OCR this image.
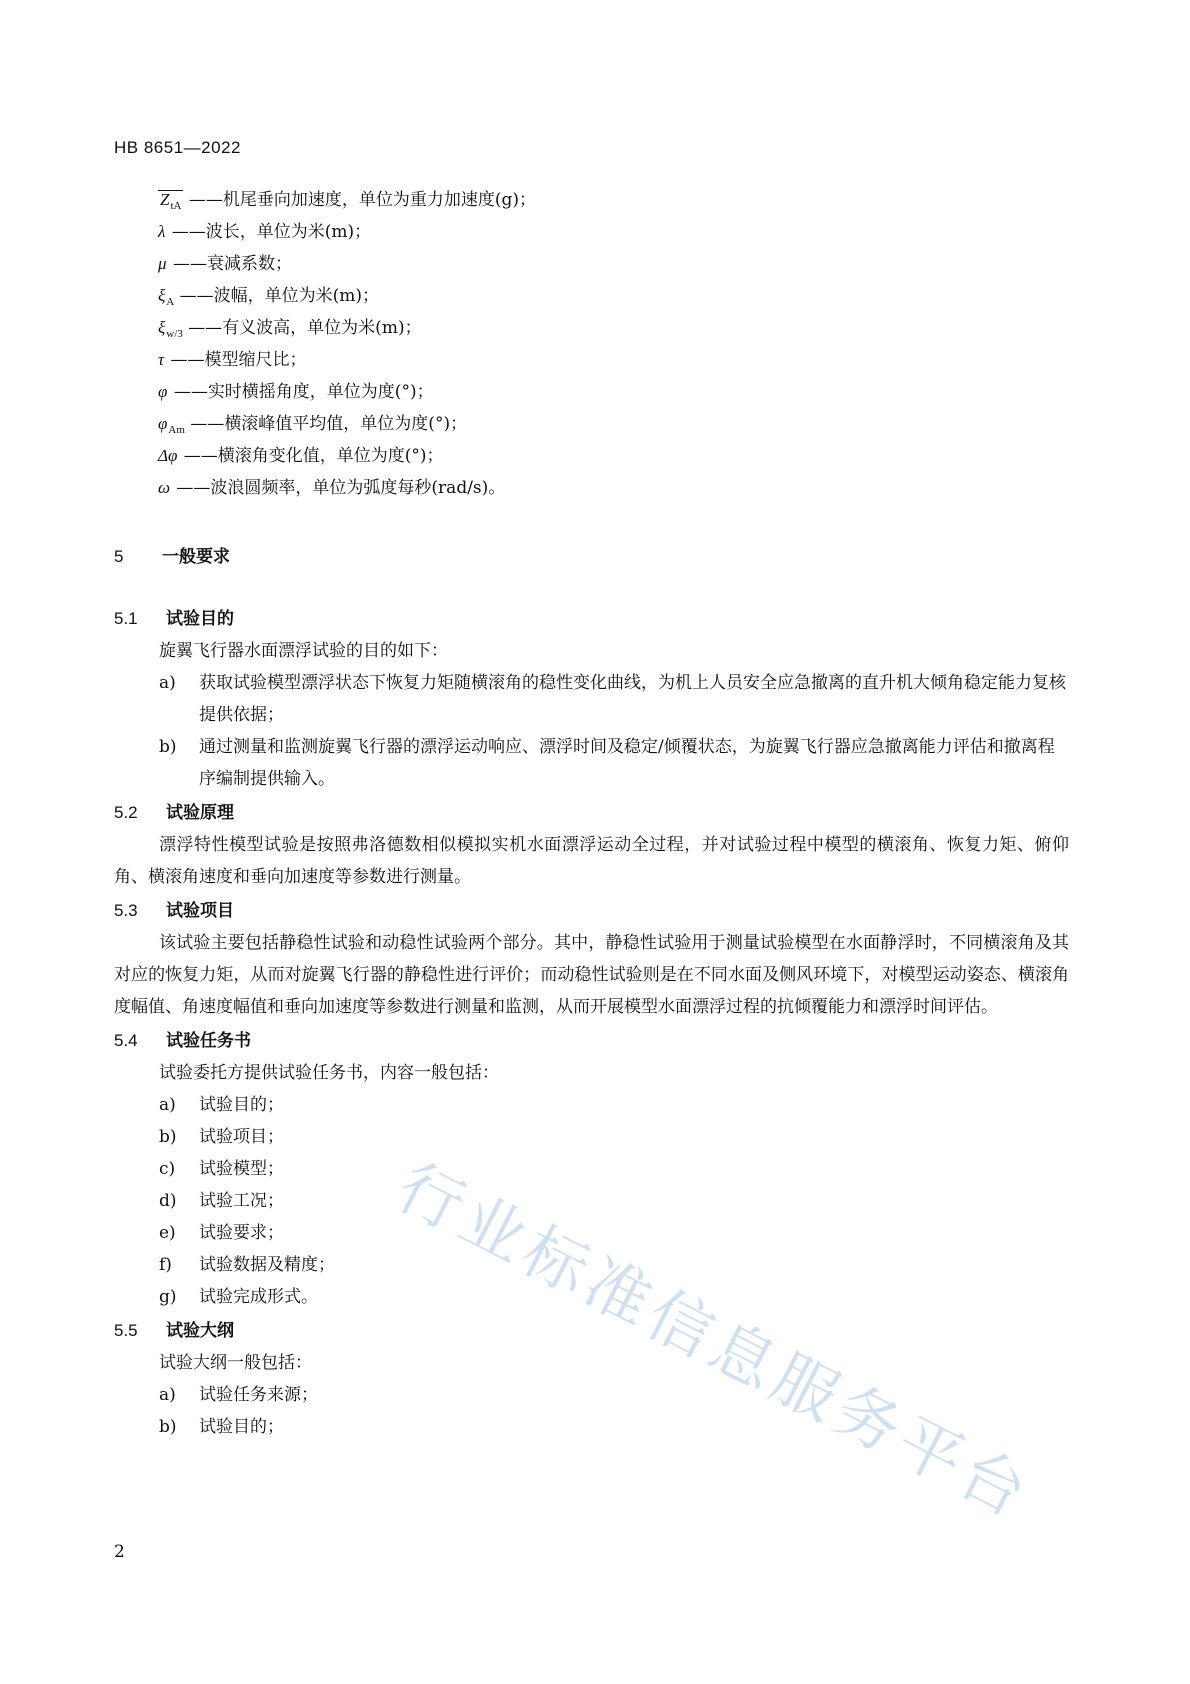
HB 8651—2022
$Z_{tA}$ ——机尾垂向加速度，单位为重力加速度(g)；
λ ——波长，单位为米(m)；
μ ——衰减系数；
$\xi_A$ ——波幅，单位为米(m)；
$\xi_{w/3}$ ——有义波高，单位为米(m)；
τ ——模型缩尺比；
φ ——实时横摇角度，单位为度(°)；
$\varphi_{Am}$ ——横滚峰值平均值，单位为度(°)；
Δφ ——横滚角变化值，单位为度(°)；
ω ——波浪圆频率，单位为弧度每秒(rad/s)。
5 一般要求
5.1 试验目的

旋翼飞行器水面漂浮试验的目的如下：

a) 获取试验模型漂浮状态下恢复力矩随横滚角的稳性变化曲线，为机上人员安全应急撤离的直升机大倾角稳定能力复核提供依据；

b) 通过测量和监测旋翼飞行器的漂浮运动响应、漂浮时间及稳定/倾覆状态，为旋翼飞行器应急撤离能力评估和撤离程序编制提供输入。

5.2 试验原理

漂浮特性模型试验是按照弗洛德数相似模拟实机水面漂浮运动全过程，并对试验过程中模型的横滚角、恢复力矩、俯仰角、横滚角速度和垂向加速度等参数进行测量。

5.3 试验项目

该试验主要包括静稳性试验和动稳性试验两个部分。其中，静稳性试验用于测量试验模型在水面静浮时，不同横滚角及其对应的恢复力矩，从而对旋翼飞行器的静稳性进行评价；而动稳性试验则是在不同水面及侧风环境下，对模型运动姿态、横滚角度幅值、角速度幅值和垂向加速度等参数进行测量和监测，从而开展模型水面漂浮过程的抗倾覆能力和漂浮时间评估。

5.4 试验任务书

试验委托方提供试验任务书，内容一般包括：

a) 试验目的；

b) 试验项目；

c) 试验模型；

d) 试验工况；

e) 试验要求；

f) 试验数据及精度；

g) 试验完成形式。

5.5 试验大纲

试验大纲一般包括：

a) 试验任务来源；

b) 试验目的；	行业标准信息服务平台
2
